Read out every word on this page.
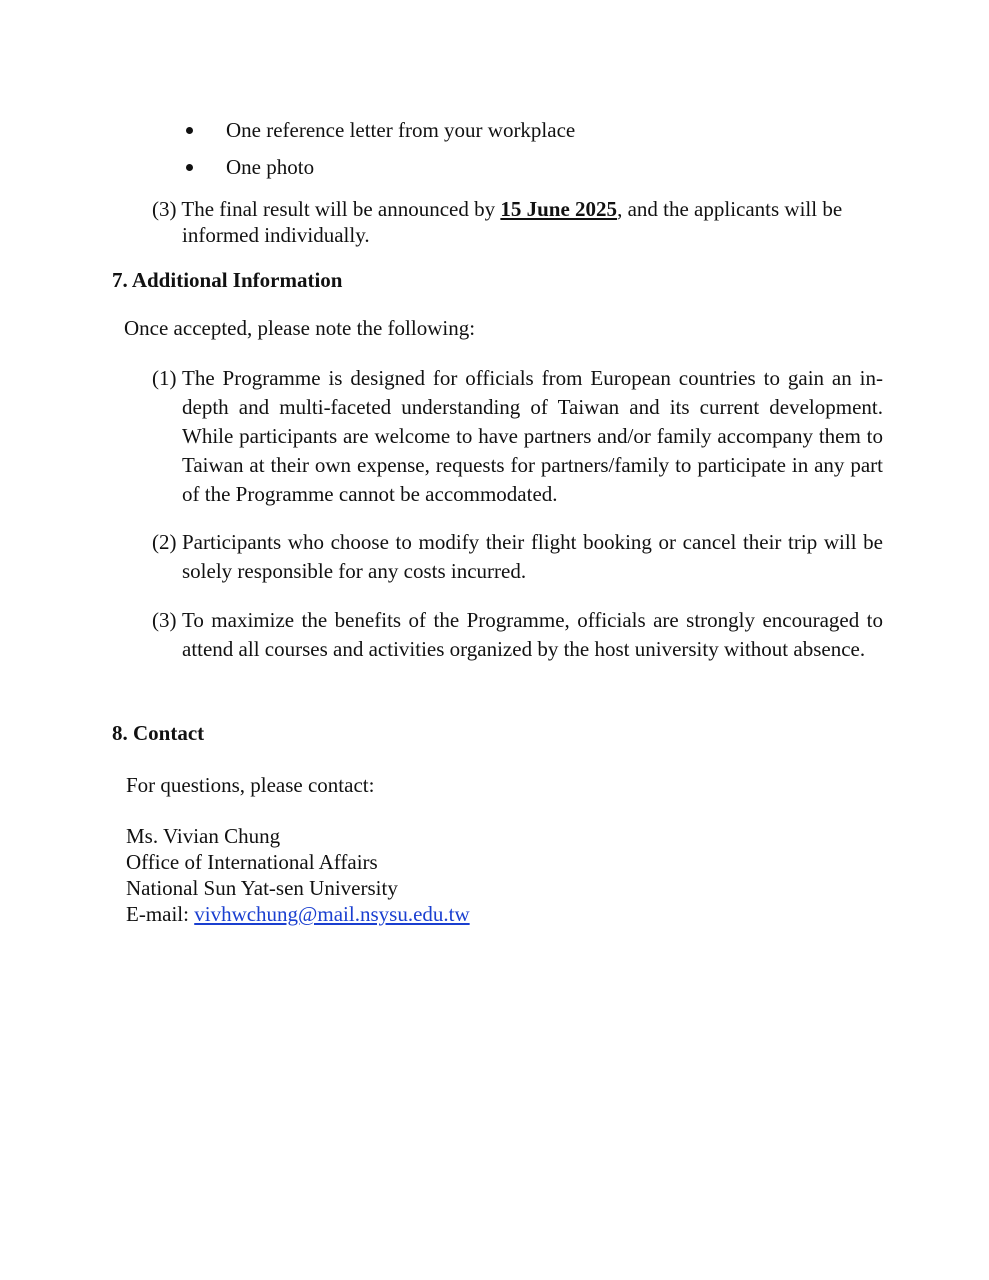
One reference letter from your workplace
One photo
(3) The final result will be announced by 15 June 2025, and the applicants will be
informed individually.
7. Additional Information
Once accepted, please note the following:
(1) The Programme is designed for officials from European countries to gain an in-depth and multi-faceted understanding of Taiwan and its current development. While participants are welcome to have partners and/or family accompany them to Taiwan at their own expense, requests for partners/family to participate in any part of the Programme cannot be accommodated.
(2) Participants who choose to modify their flight booking or cancel their trip will be solely responsible for any costs incurred.
(3) To maximize the benefits of the Programme, officials are strongly encouraged to attend all courses and activities organized by the host university without absence.
8. Contact
For questions, please contact:
Ms. Vivian Chung
Office of International Affairs
National Sun Yat-sen University
E-mail: vivhwchung@mail.nsysu.edu.tw
